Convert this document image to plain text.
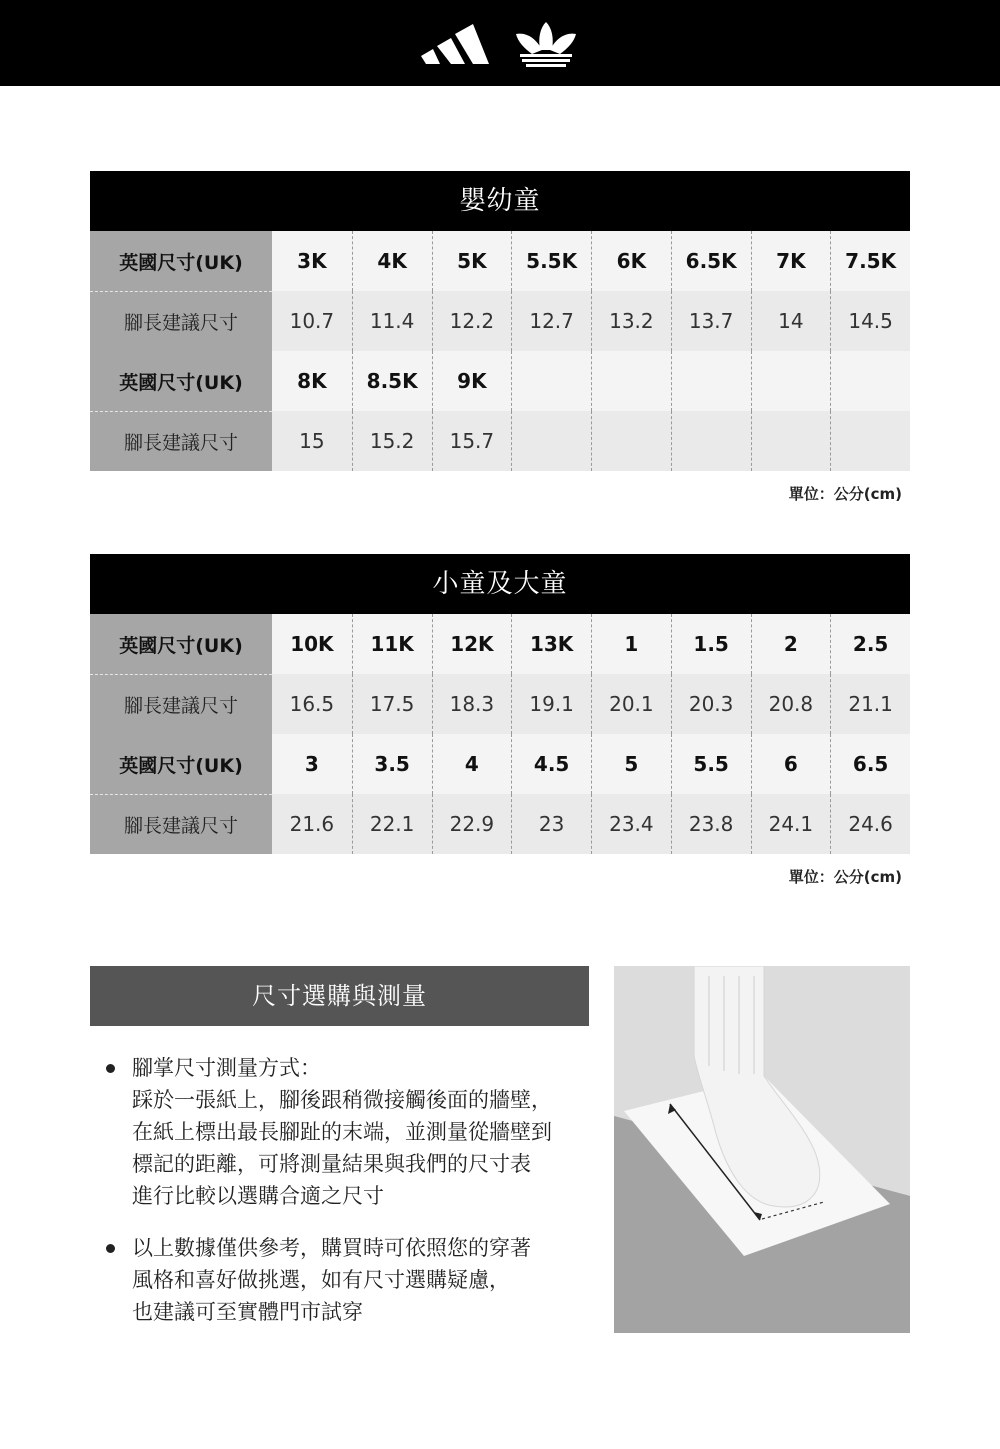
嬰幼童
英國尺寸(UK)	3K	4K	5K	5.5K	6K	6.5K	7K	7.5K
腳長建議尺寸	10.7	11.4	12.2	12.7	13.2	13.7	14	14.5
英國尺寸(UK)	8K	8.5K	9K
腳長建議尺寸	15	15.2	15.7
單位：公分(cm)
小童及大童
英國尺寸(UK)	10K	11K	12K	13K	1	1.5	2	2.5
腳長建議尺寸	16.5	17.5	18.3	19.1	20.1	20.3	20.8	21.1
英國尺寸(UK)	3	3.5	4	4.5	5	5.5	6	6.5
腳長建議尺寸	21.6	22.1	22.9	23	23.4	23.8	24.1	24.6
單位：公分(cm)
尺寸選購與測量
腳掌尺寸測量方式：
踩於一張紙上，腳後跟稍微接觸後面的牆壁，
在紙上標出最長腳趾的末端，並測量從牆壁到
標記的距離，可將測量結果與我們的尺寸表
進行比較以選購合適之尺寸
以上數據僅供參考，購買時可依照您的穿著
風格和喜好做挑選，如有尺寸選購疑慮，
也建議可至實體門市試穿
